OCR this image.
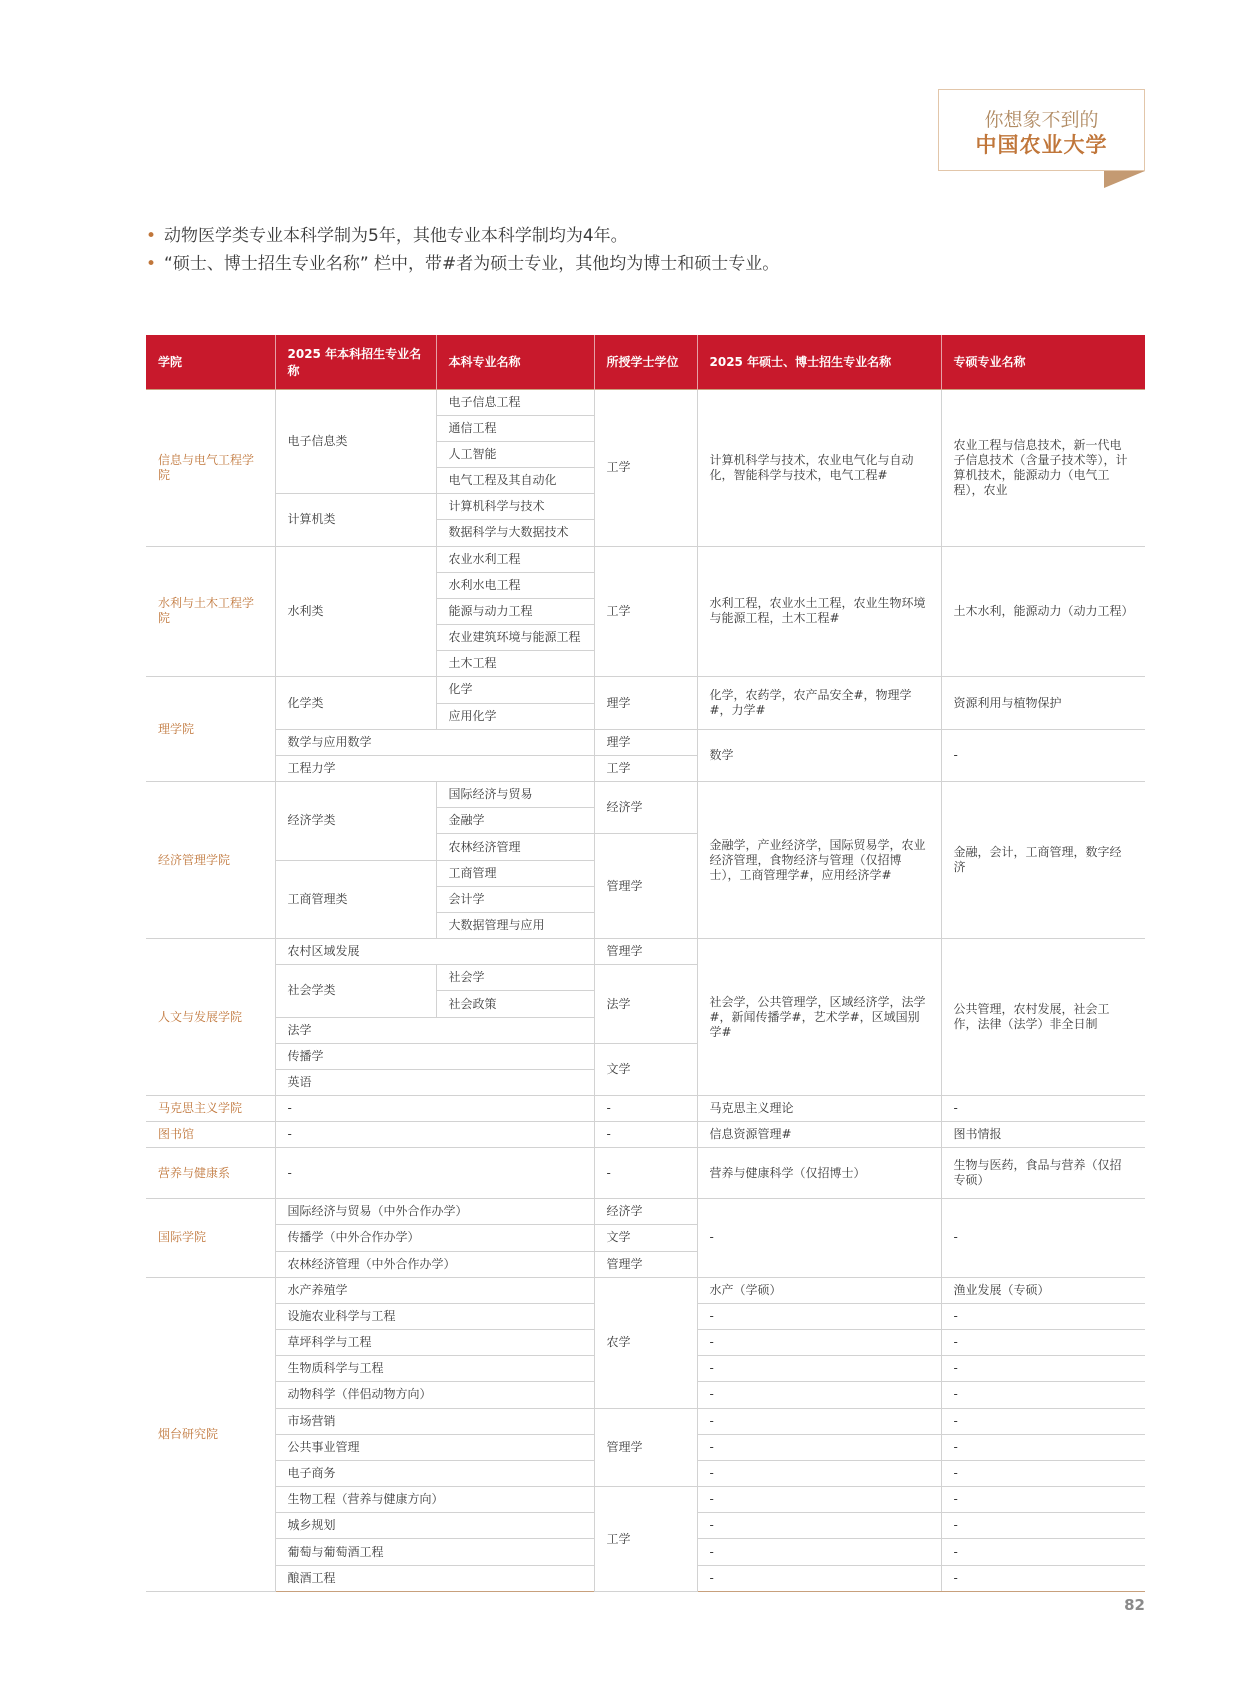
你想象不到的
中国农业大学
• 动物医学类专业本科学制为5年，其他专业本科学制均为4年。
• “硕士、博士招生专业名称” 栏中，带#者为硕士专业，其他均为博士和硕士专业。
学院	2025 年本科招生专业名称	本科专业名称	所授学士学位	2025 年硕士、博士招生专业名称	专硕专业名称
信息与电气工程学院	电子信息类	电子信息工程	工学	计算机科学与技术，农业电气化与自动化，智能科学与技术，电气工程#	农业工程与信息技术，新一代电子信息技术（含量子技术等），计算机技术，能源动力（电气工程），农业
		通信工程			
		人工智能			
		电气工程及其自动化			
	计算机类	计算机科学与技术			
		数据科学与大数据技术			
水利与土木工程学院	水利类	农业水利工程	工学	水利工程，农业水土工程，农业生物环境与能源工程，土木工程#	土木水利，能源动力（动力工程）
		水利水电工程			
		能源与动力工程			
		农业建筑环境与能源工程			
		土木工程			
理学院	化学类	化学	理学	化学，农药学，农产品安全#，物理学#，力学#	资源利用与植物保护
		应用化学			
	数学与应用数学		理学	数学	-
	工程力学		工学		
经济管理学院	经济学类	国际经济与贸易	经济学	金融学，产业经济学，国际贸易学，农业经济管理，食物经济与管理（仅招博士），工商管理学#，应用经济学#	金融，会计，工商管理，数字经济
		金融学			
		农林经济管理	管理学		
	工商管理类	工商管理			
		会计学			
		大数据管理与应用			
人文与发展学院	农村区域发展		管理学	社会学，公共管理学，区域经济学，法学#，新闻传播学#，艺术学#，区域国别学#	公共管理，农村发展，社会工作，法律（法学）非全日制
	社会学类	社会学	法学		
		社会政策			
	法学				
	传播学		文学		
	英语				
马克思主义学院	-		-	马克思主义理论	-
图书馆	-		-	信息资源管理#	图书情报
营养与健康系	-		-	营养与健康科学（仅招博士）	生物与医药，食品与营养（仅招专硕）
国际学院	国际经济与贸易（中外合作办学）		经济学	-	-
	传播学（中外合作办学）		文学		
	农林经济管理（中外合作办学）		管理学		
烟台研究院	水产养殖学		农学	水产（学硕）	渔业发展（专硕）
	设施农业科学与工程			-	-
	草坪科学与工程			-	-
	生物质科学与工程			-	-
	动物科学（伴侣动物方向）			-	-
	市场营销		管理学	-	-
	公共事业管理			-	-
	电子商务			-	-
	生物工程（营养与健康方向）		工学	-	-
	城乡规划			-	-
	葡萄与葡萄酒工程			-	-
	酿酒工程			-	-
82
